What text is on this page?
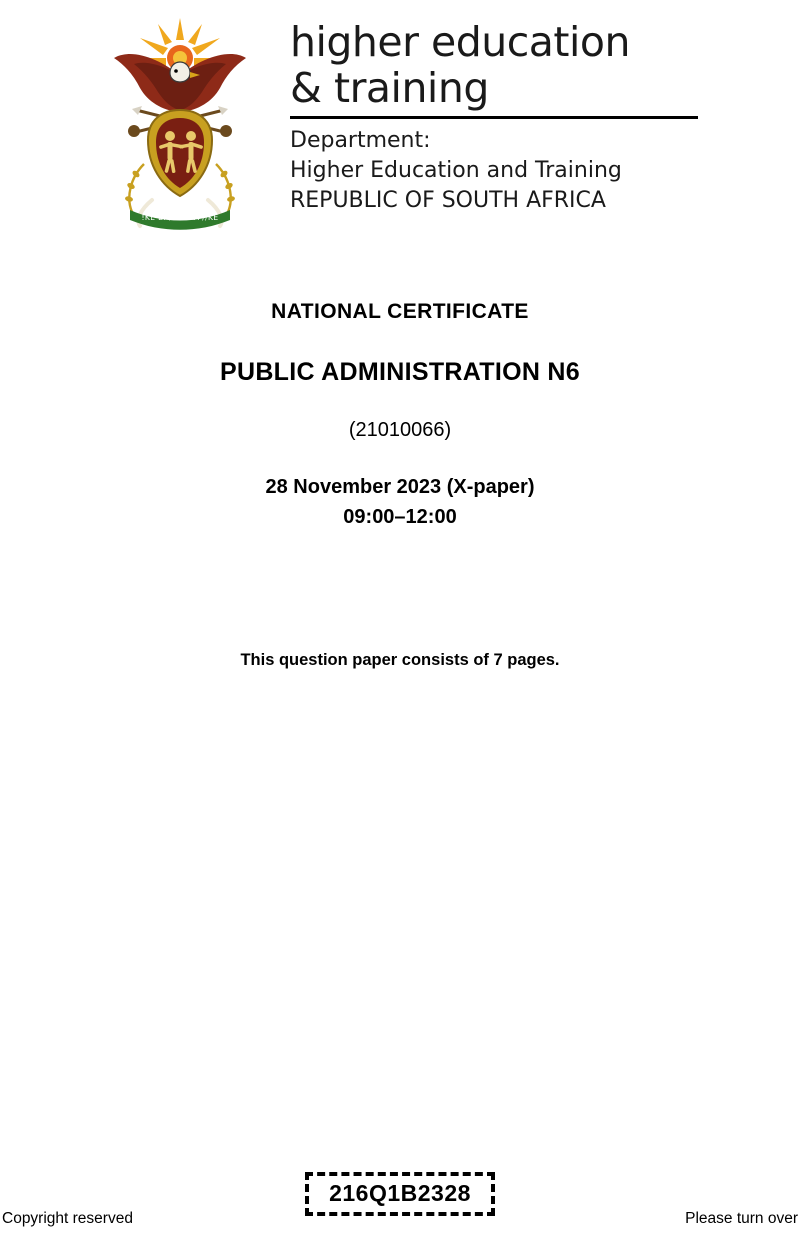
!KE E: /XARRA //KE
higher education
& training
Department:
Higher Education and Training
REPUBLIC OF SOUTH AFRICA
NATIONAL CERTIFICATE
PUBLIC ADMINISTRATION N6
(21010066)
28 November 2023 (X-paper)
09:00–12:00
This question paper consists of 7 pages.
216Q1B2328
Copyright reserved	Please turn over
